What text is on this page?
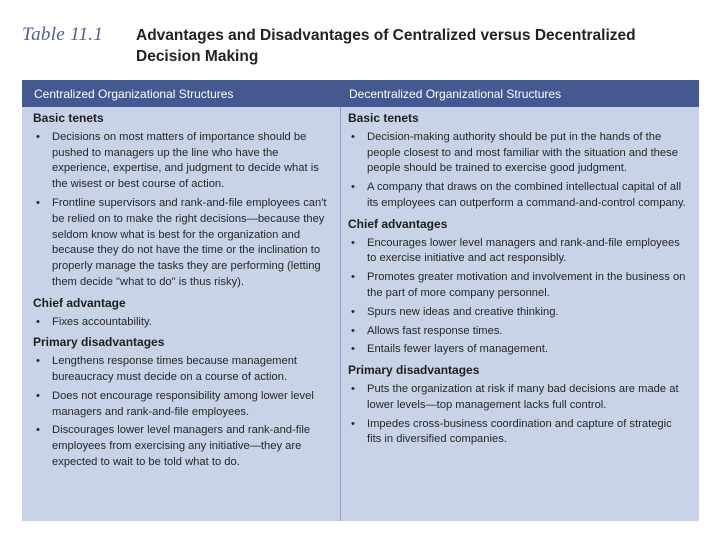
Table 11.1 Advantages and Disadvantages of Centralized versus Decentralized Decision Making
Centralized Organizational Structures	Decentralized Organizational Structures
Basic tenets
• Decisions on most matters of importance should be pushed to managers up the line who have the experience, expertise, and judgment to decide what is the wisest or best course of action.
• Frontline supervisors and rank-and-file employees can't be relied on to make the right decisions—because they seldom know what is best for the organization and because they do not have the time or the inclination to properly manage the tasks they are performing (letting them decide "what to do" is thus risky).
Chief advantage
• Fixes accountability.
Primary disadvantages
• Lengthens response times because management bureaucracy must decide on a course of action.
• Does not encourage responsibility among lower level managers and rank-and-file employees.
• Discourages lower level managers and rank-and-file employees from exercising any initiative—they are expected to wait to be told what to do.
Basic tenets
• Decision-making authority should be put in the hands of the people closest to and most familiar with the situation and these people should be trained to exercise good judgment.
• A company that draws on the combined intellectual capital of all its employees can outperform a command-and-control company.
Chief advantages
• Encourages lower level managers and rank-and-file employees to exercise initiative and act responsibly.
• Promotes greater motivation and involvement in the business on the part of more company personnel.
• Spurs new ideas and creative thinking.
• Allows fast response times.
• Entails fewer layers of management.
Primary disadvantages
• Puts the organization at risk if many bad decisions are made at lower levels—top management lacks full control.
• Impedes cross-business coordination and capture of strategic fits in diversified companies.
